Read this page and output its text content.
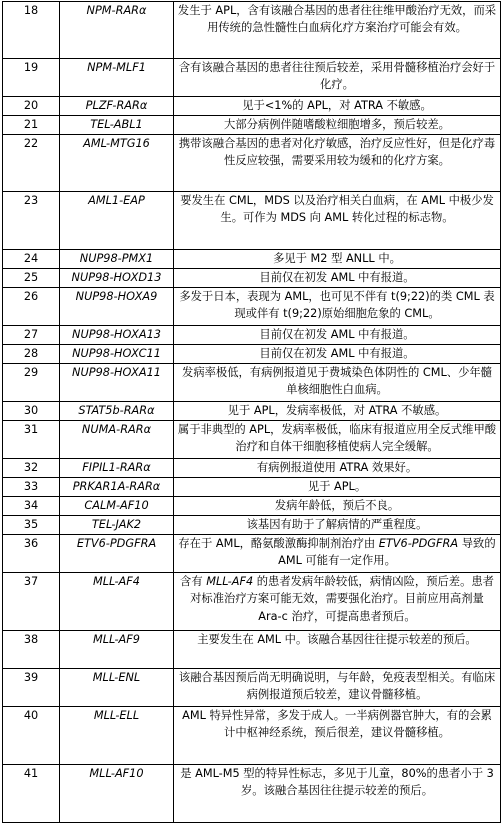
18	NPM-RARα	发生于 APL，含有该融合基因的患者往往维甲酸治疗无效，而采用传统的急性髓性白血病化疗方案治疗可能会有效。
19	NPM-MLF1	含有该融合基因的患者往往预后较差，采用骨髓移植治疗会好于化疗。
20	PLZF-RARα	见于<1%的 APL，对 ATRA 不敏感。
21	TEL-ABL1	大部分病例伴随嗜酸粒细胞增多，预后较差。
22	AML-MTG16	携带该融合基因的患者对化疗敏感，治疗反应性好，但是化疗毒性反应较强，需要采用较为缓和的化疗方案。
23	AML1-EAP	要发生在 CML，MDS 以及治疗相关白血病，在 AML 中极少发生。可作为 MDS 向 AML 转化过程的标志物。
24	NUP98-PMX1	多见于 M2 型 ANLL 中。
25	NUP98-HOXD13	目前仅在初发 AML 中有报道。
26	NUP98-HOXA9	多发于日本，表现为 AML，也可见不伴有 t(9;22)的类 CML 表现或伴有 t(9;22)原始细胞危象的 CML。
27	NUP98-HOXA13	目前仅在初发 AML 中有报道。
28	NUP98-HOXC11	目前仅在初发 AML 中有报道。
29	NUP98-HOXA11	发病率极低，有病例报道见于费城染色体阴性的 CML、少年髓单核细胞性白血病。
30	STAT5b-RARα	见于 APL，发病率极低，对 ATRA 不敏感。
31	NUMA-RARα	属于非典型的 APL，发病率极低，临床有报道应用全反式维甲酸治疗和自体干细胞移植使病人完全缓解。
32	FIPIL1-RARα	有病例报道使用 ATRA 效果好。
33	PRKAR1A-RARα	见于 APL。
34	CALM-AF10	发病年龄低，预后不良。
35	TEL-JAK2	该基因有助于了解病情的严重程度。
36	ETV6-PDGFRA	存在于 AML，酪氨酸激酶抑制剂治疗由 ETV6-PDGFRA 导致的 AML 可能有一定作用。
37	MLL-AF4	含有 MLL-AF4 的患者发病年龄较低，病情凶险，预后差。患者对标准治疗方案可能无效，需要强化治疗。目前应用高剂量 Ara-c 治疗，可提高患者预后。
38	MLL-AF9	主要发生在 AML 中。该融合基因往往提示较差的预后。
39	MLL-ENL	该融合基因预后尚无明确说明，与年龄，免疫表型相关。有临床病例报道预后较差，建议骨髓移植。
40	MLL-ELL	AML 特异性异常，多发于成人。一半病例器官肿大，有的会累计中枢神经系统，预后很差，建议骨髓移植。
41	MLL-AF10	是 AML-M5 型的特异性标志，多见于儿童，80%的患者小于 3 岁。该融合基因往往提示较差的预后。
